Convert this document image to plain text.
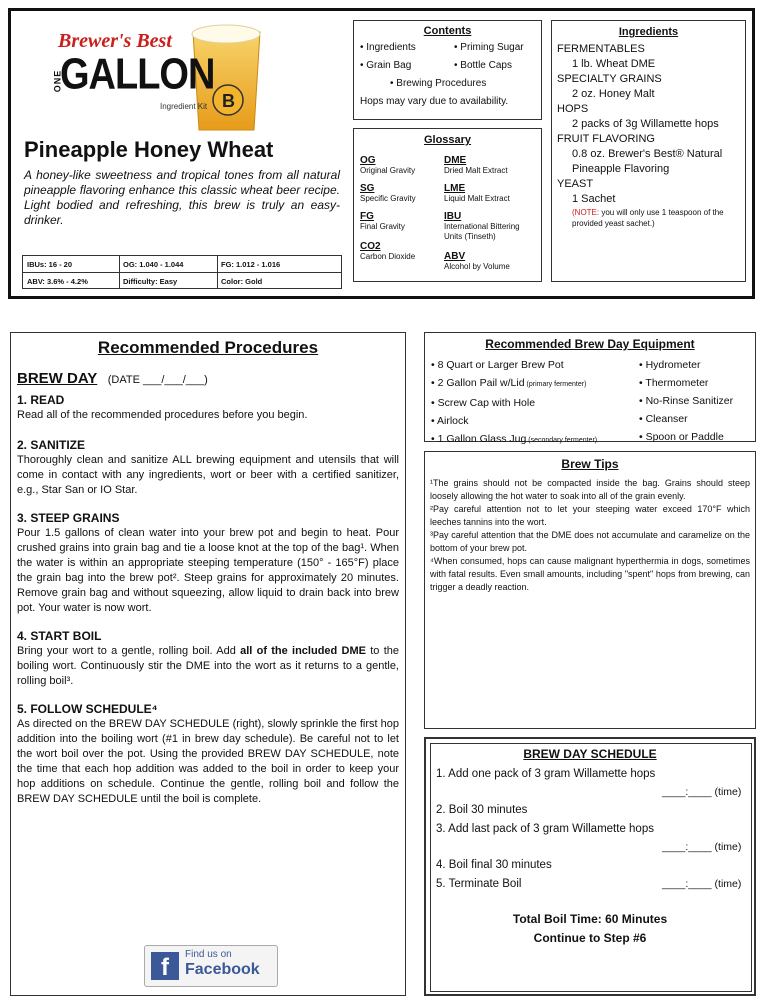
B
Brewer's Best
ONE
GALLON
Ingredient Kit
Pineapple Honey Wheat
A honey-like sweetness and tropical tones from all natural pineapple flavoring enhance this classic wheat beer recipe. Light bodied and refreshing, this brew is truly an easy-drinker.
IBUs: 16 - 20	OG: 1.040 - 1.044	FG: 1.012 - 1.016
ABV: 3.6% - 4.2%	Difficulty: Easy	Color: Gold
Contents
• Ingredients	• Priming Sugar
• Grain Bag	• Bottle Caps
• Brewing Procedures
Hops may vary due to availability.
Glossary
OG
Original Gravity
DME
Dried Malt Extract
SG
Specific Gravity
LME
Liquid Malt Extract
FG
Final Gravity
IBU
International Bittering Units (Tinseth)
CO2
Carbon Dioxide	ABV
Alcohol by Volume
Ingredients
FERMENTABLES
1 lb. Wheat DME
SPECIALTY GRAINS
2 oz. Honey Malt
HOPS
2 packs of 3g Willamette hops
FRUIT FLAVORING
0.8 oz. Brewer's Best® Natural
Pineapple Flavoring
YEAST
1 Sachet
(NOTE: you will only use 1 teaspoon of the provided yeast sachet.)
Recommended Procedures
BREW DAY (DATE ___/___/___)
1. READ
Read all of the recommended procedures before you begin.
2. SANITIZE
Thoroughly clean and sanitize ALL brewing equipment and utensils that will come in contact with any ingredients, wort or beer with a certified sanitizer, e.g., Star San or IO Star.
3. STEEP GRAINS
Pour 1.5 gallons of clean water into your brew pot and begin to heat. Pour crushed grains into grain bag and tie a loose knot at the top of the bag¹. When the water is within an appropriate steeping temperature (150° - 165°F) place the grain bag into the brew pot². Steep grains for approximately 20 minutes. Remove grain bag and without squeezing, allow liquid to drain back into brew pot. Your water is now wort.
4. START BOIL
Bring your wort to a gentle, rolling boil. Add all of the included DME to the boiling wort. Continuously stir the DME into the wort as it returns to a gentle, rolling boil³.
5. FOLLOW SCHEDULE⁴
As directed on the BREW DAY SCHEDULE (right), slowly sprinkle the first hop addition into the boiling wort (#1 in brew day schedule). Be careful not to let the wort boil over the pot. Using the provided BREW DAY SCHEDULE, note the time that each hop addition was added to the boil in order to keep your hop additions on schedule. Continue the gentle, rolling boil and follow the BREW DAY SCHEDULE until the boil is complete.
f	Find us on
Facebook
Recommended Brew Day Equipment
• 8 Quart or Larger Brew Pot
• 2 Gallon Pail w/Lid (primary fermenter)
• Screw Cap with Hole
• Airlock
• 1 Gallon Glass Jug (secondary fermenter)
• Hydrometer
• Thermometer
• No-Rinse Sanitizer
• Cleanser
• Spoon or Paddle
Brew Tips
¹The grains should not be compacted inside the bag. Grains should steep loosely allowing the hot water to soak into all of the grain evenly.
²Pay careful attention not to let your steeping water exceed 170°F which leeches tannins into the wort.
³Pay careful attention that the DME does not accumulate and caramelize on the bottom of your brew pot.
⁴When consumed, hops can cause malignant hyperthermia in dogs, sometimes with fatal results. Even small amounts, including "spent" hops from brewing, can trigger a deadly reaction.
BREW DAY SCHEDULE
1. Add one pack of 3 gram Willamette hops
____:____ (time)
2. Boil 30 minutes
3. Add last pack of 3 gram Willamette hops
____:____ (time)
4. Boil final 30 minutes
5. Terminate Boil	____:____ (time)
Total Boil Time: 60 Minutes
Continue to Step #6
